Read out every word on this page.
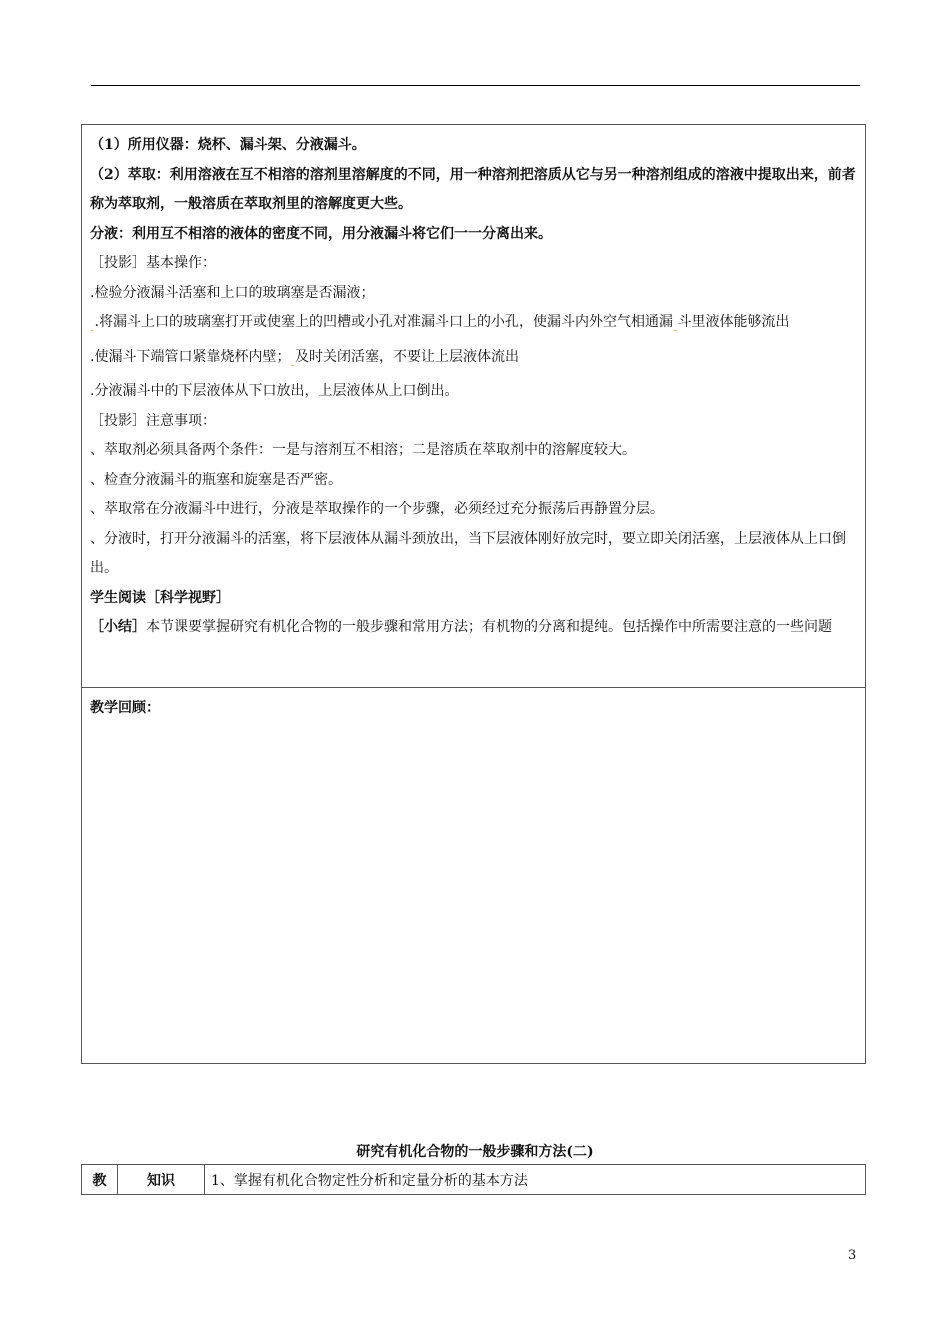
（1）所用仪器：烧杯、漏斗架、分液漏斗。
（2）萃取：利用溶液在互不相溶的溶剂里溶解度的不同，用一种溶剂把溶质从它与另一种溶剂组成的溶液中提取出来，前者称为萃取剂，一般溶质在萃取剂里的溶解度更大些。
分液：利用互不相溶的液体的密度不同，用分液漏斗将它们一一分离出来。
［投影］基本操作：
.检验分液漏斗活塞和上口的玻璃塞是否漏液；
$_ˍ$.将漏斗上口的玻璃塞打开或使塞上的凹槽或小孔对准漏斗口上的小孔，使漏斗内外空气相通漏$_ˍ$斗里液体能够流出
.使漏斗下端管口紧靠烧杯内壁；$_ˍ$及时关闭活塞，不要让上层液体流出
.分液漏斗中的下层液体从下口放出，上层液体从上口倒出。
［投影］注意事项：
、萃取剂必须具备两个条件：一是与溶剂互不相溶；二是溶质在萃取剂中的溶解度较大。
、检查分液漏斗的瓶塞和旋塞是否严密。
、萃取常在分液漏斗中进行，分液是萃取操作的一个步骤，必须经过充分振荡后再静置分层。
、分液时，打开分液漏斗的活塞，将下层液体从漏斗颈放出，当下层液体刚好放完时，要立即关闭活塞，上层液体从上口倒出。
学生阅读［科学视野］
［小结］本节课要掌握研究有机化合物的一般步骤和常用方法；有机物的分离和提纯。包括操作中所需要注意的一些问题
教学回顾：
研究有机化合物的一般步骤和方法(二)
教	知识	1、掌握有机化合物定性分析和定量分析的基本方法
3
